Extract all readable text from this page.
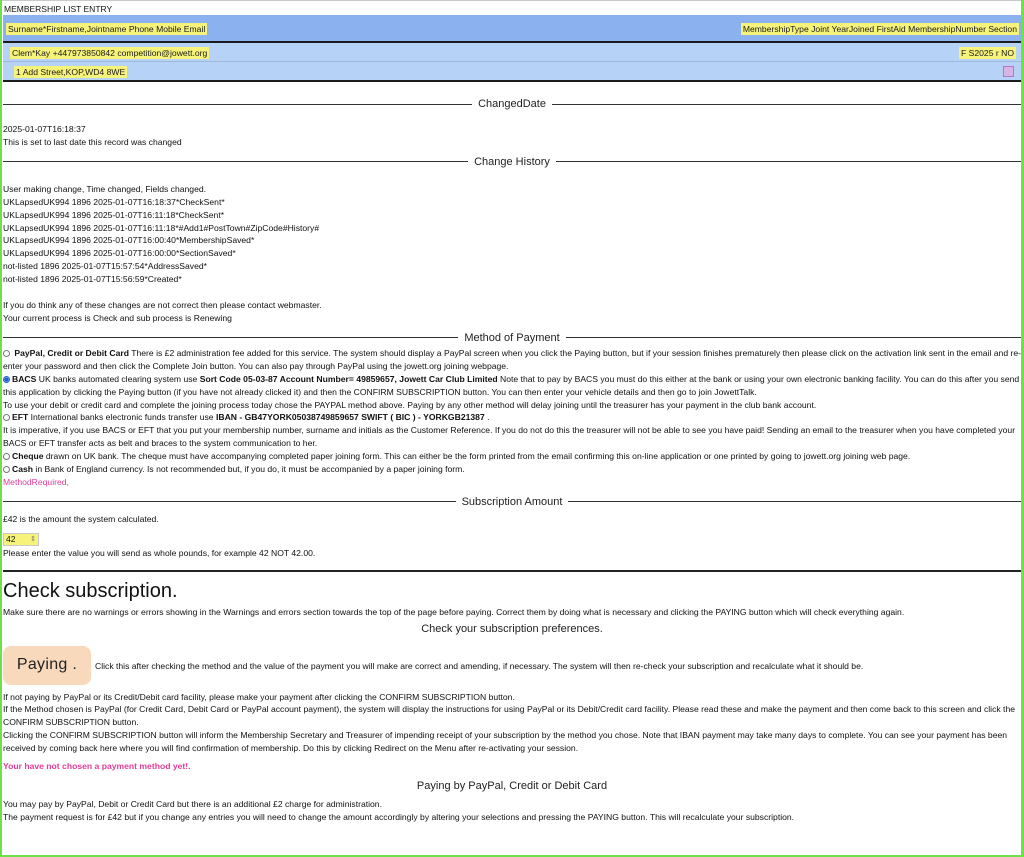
MEMBERSHIP LIST ENTRY
Surname*Firstname,Jointname Phone Mobile Email	MembershipType Joint YearJoined FirstAid MembershipNumber Section
Clem*Kay +447973850842 competition@jowett.org	F S2025 r NO
1 Add Street,KOP,WD4 8WE
ChangedDate
2025-01-07T16:18:37
This is set to last date this record was changed
Change History
User making change, Time changed, Fields changed.
UKLapsedUK994 1896 2025-01-07T16:18:37*CheckSent*
UKLapsedUK994 1896 2025-01-07T16:11:18*CheckSent*
UKLapsedUK994 1896 2025-01-07T16:11:18*#Add1#PostTown#ZipCode#History#
UKLapsedUK994 1896 2025-01-07T16:00:40*MembershipSaved*
UKLapsedUK994 1896 2025-01-07T16:00:00*SectionSaved*
not-listed 1896 2025-01-07T15:57:54*AddressSaved*
not-listed 1896 2025-01-07T15:56:59*Created*
If you do think any of these changes are not correct then please contact webmaster.
Your current process is Check and sub process is Renewing
Method of Payment
PayPal, Credit or Debit Card There is £2 administration fee added for this service. The system should display a PayPal screen when you click the Paying button, but if your session finishes prematurely then please click on the activation link sent in the email and re-enter your password and then click the Complete Join button. You can also pay through PayPal using the jowett.org joining webpage.
BACS UK banks automated clearing system use Sort Code 05-03-87 Account Number= 49859657, Jowett Car Club Limited Note that to pay by BACS you must do this either at the bank or using your own electronic banking facility. You can do this after you send this application by clicking the Paying button (if you have not already clicked it) and then the CONFIRM SUBSCRIPTION button. You can then enter your vehicle details and then go to join JowettTalk.
To use your debit or credit card and complete the joining process today chose the PAYPAL method above. Paying by any other method will delay joining until the treasurer has your payment in the club bank account.
EFT International banks electronic funds transfer use IBAN - GB47YORK05038749859657 SWIFT ( BIC ) - YORKGB21387 .
It is imperative, if you use BACS or EFT that you put your membership number, surname and initials as the Customer Reference. If you do not do this the treasurer will not be able to see you have paid! Sending an email to the treasurer when you have completed your BACS or EFT transfer acts as belt and braces to the system communication to her.
Cheque drawn on UK bank. The cheque must have accompanying completed paper joining form. This can either be the form printed from the email confirming this on-line application or one printed by going to jowett.org joining web page.
Cash in Bank of England currency. Is not recommended but, if you do, it must be accompanied by a paper joining form.
MethodRequired,
Subscription Amount
£42 is the amount the system calculated.
42 ⇕
Please enter the value you will send as whole pounds, for example 42 NOT 42.00.
Check subscription.
Make sure there are no warnings or errors showing in the Warnings and errors section towards the top of the page before paying. Correct them by doing what is necessary and clicking the PAYING button which will check everything again.
Check your subscription preferences.
Paying .	Click this after checking the method and the value of the payment you will make are correct and amending, if necessary. The system will then re-check your subscription and recalculate what it should be.
If not paying by PayPal or its Credit/Debit card facility, please make your payment after clicking the CONFIRM SUBSCRIPTION button.
If the Method chosen is PayPal (for Credit Card, Debit Card or PayPal account payment), the system will display the instructions for using PayPal or its Debit/Credit card facility. Please read these and make the payment and then come back to this screen and click the CONFIRM SUBSCRIPTION button.
Clicking the CONFIRM SUBSCRIPTION button will inform the Membership Secretary and Treasurer of impending receipt of your subscription by the method you chose. Note that IBAN payment may take many days to complete. You can see your payment has been received by coming back here where you will find confirmation of membership. Do this by clicking Redirect on the Menu after re-activating your session.
Your have not chosen a payment method yet!.
Paying by PayPal, Credit or Debit Card
You may pay by PayPal, Debit or Credit Card but there is an additional £2 charge for administration.
The payment request is for £42 but if you change any entries you will need to change the amount accordingly by altering your selections and pressing the PAYING button. This will recalculate your subscription.
